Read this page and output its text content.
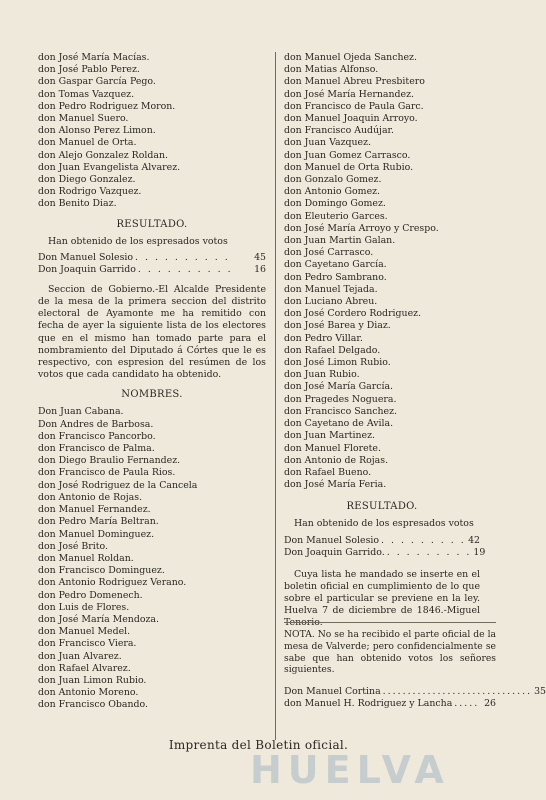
don José María Macías.
don José Pablo Perez.
don Gaspar García Pego.
don Tomas Vazquez.
don Pedro Rodriguez Moron.
don Manuel Suero.
don Alonso Perez Limon.
don Manuel de Orta.
don Alejo Gonzalez Roldan.
don Juan Evangelista Alvarez.
don Diego Gonzalez.
don Rodrigo Vazquez.
don Benito Diaz.
RESULTADO.

Han obtenido de los espresados votos

Don Manuel Solesio . . . . . . . . . .	45
Don Joaquin Garrido . . . . . . . . . .	16

Seccion de Gobierno.-El Alcalde Presidente de la mesa de la primera seccion del distrito electoral de Ayamonte me ha remitido con fecha de ayer la siguiente lista de los electores que en el mismo han tomado parte para el nombramiento del Diputado á Córtes que le es respectivo, con espresion del resúmen de los votos que cada candidato ha obtenido.

NOMBRES.
Don Juan Cabana.
Don Andres de Barbosa.
don Francisco Pancorbo.
don Francisco de Palma.
don Diego Braulio Fernandez.
don Francisco de Paula Rios.
don José Rodriguez de la Cancela
don Antonio de Rojas.
don Manuel Fernandez.
don Pedro María Beltran.
don Manuel Dominguez.
don José Brito.
don Manuel Roldan.
don Francisco Dominguez.
don Antonio Rodriguez Verano.
don Pedro Domenech.
don Luis de Flores.
don José María Mendoza.
don Manuel Medel.
don Francisco Viera.
don Juan Alvarez.
don Rafael Alvarez.
don Juan Limon Rubio.
don Antonio Moreno.
don Francisco Obando.
don Manuel Ojeda Sanchez.
don Matias Alfonso.
don Manuel Abreu Presbitero
don José María Hernandez.
don Francisco de Paula Garc.
don Manuel Joaquin Arroyo.
don Francisco Audújar.
don Juan Vazquez.
don Juan Gomez Carrasco.
don Manuel de Orta Rubio.
don Gonzalo Gomez.
don Antonio Gomez.
don Domingo Gomez.
don Eleuterio Garces.
don José María Arroyo y Crespo.
don Juan Martin Galan.
don José Carrasco.
don Cayetano García.
don Pedro Sambrano.
don Manuel Tejada.
don Luciano Abreu.
don José Cordero Rodriguez.
don José Barea y Diaz.
don Pedro Villar.
don Rafael Delgado.
don José Limon Rubio.
don Juan Rubio.
don José María García.
don Pragedes Noguera.
don Francisco Sanchez.
don Cayetano de Avila.
don Juan Martinez.
don Manuel Florete.
don Antonio de Rojas.
don Rafael Bueno.
don José María Feria.
RESULTADO.

Han obtenido de los espresados votos

Don Manuel Solesio . . . . . . . . . 42
Don Joaquin Garrido. . . . . . . . . . 19

Cuya lista he mandado se inserte en el boletin oficial en cumplimiento de lo que sobre el particular se previene en la ley. Huelva 7 de diciembre de 1846.-Miguel Tenorio.

NOTA. No se ha recibido el parte oficial de la mesa de Valverde; pero confidencialmente se sabe que han obtenido votos los señores siguientes.
Don Manuel Cortina .............................. 35
don Manuel H. Rodriguez y Lancha ..... 26
Imprenta del Boletin oficial.
HUELVA
